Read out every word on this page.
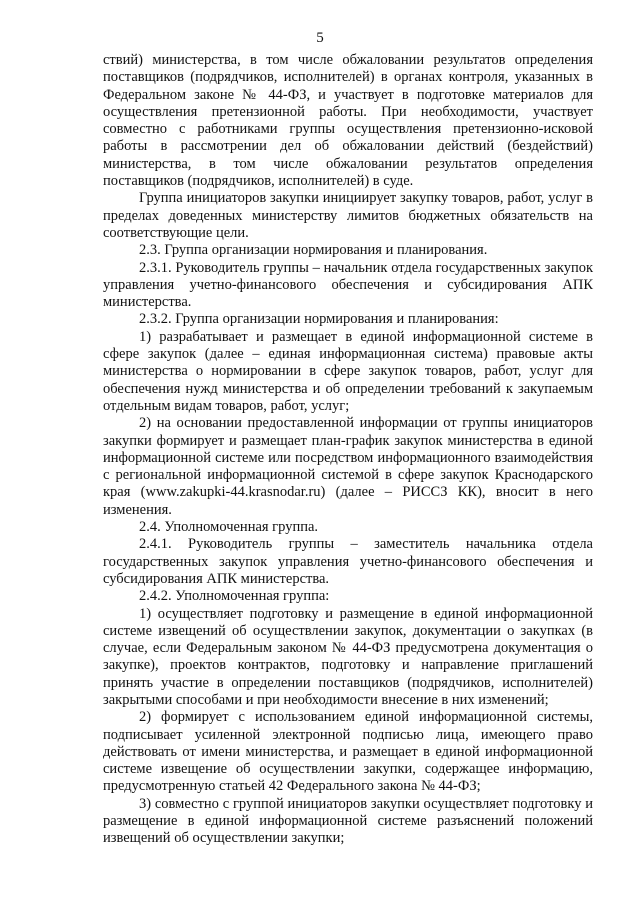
5

ствий) министерства, в том числе обжаловании результатов определения поставщиков (подрядчиков, исполнителей) в органах контроля, указанных в Федеральном законе № 44-ФЗ, и участвует в подготовке материалов для осуществления претензионной работы. При необходимости, участвует совместно с работниками группы осуществления претензионно-исковой работы в рассмотрении дел об обжаловании действий (бездействий) министерства, в том числе обжаловании результатов определения поставщиков (подрядчиков, исполнителей) в суде.

Группа инициаторов закупки инициирует закупку товаров, работ, услуг в пределах доведенных министерству лимитов бюджетных обязательств на соответствующие цели.

2.3. Группа организации нормирования и планирования.

2.3.1. Руководитель группы – начальник отдела государственных закупок управления учетно-финансового обеспечения и субсидирования АПК министерства.

2.3.2. Группа организации нормирования и планирования:

1) разрабатывает и размещает в единой информационной системе в сфере закупок (далее – единая информационная система) правовые акты министерства о нормировании в сфере закупок товаров, работ, услуг для обеспечения нужд министерства и об определении требований к закупаемым отдельным видам товаров, работ, услуг;

2) на основании предоставленной информации от группы инициаторов закупки формирует и размещает план-график закупок министерства в единой информационной системе или посредством информационного взаимодействия с региональной информационной системой в сфере закупок Краснодарского края (www.zakupki-44.krasnodar.ru) (далее – РИССЗ КК), вносит в него изменения.

2.4. Уполномоченная группа.

2.4.1. Руководитель группы – заместитель начальника отдела государственных закупок управления учетно-финансового обеспечения и субсидирования АПК министерства.

2.4.2. Уполномоченная группа:

1) осуществляет подготовку и размещение в единой информационной системе извещений об осуществлении закупок, документации о закупках (в случае, если Федеральным законом № 44-ФЗ предусмотрена документация о закупке), проектов контрактов, подготовку и направление приглашений принять участие в определении поставщиков (подрядчиков, исполнителей) закрытыми способами и при необходимости внесение в них изменений;

2) формирует с использованием единой информационной системы, подписывает усиленной электронной подписью лица, имеющего право действовать от имени министерства, и размещает в единой информационной системе извещение об осуществлении закупки, содержащее информацию, предусмотренную статьей 42 Федерального закона № 44-ФЗ;

3) совместно с группой инициаторов закупки осуществляет подготовку и размещение в единой информационной системе разъяснений положений извещений об осуществлении закупки;
